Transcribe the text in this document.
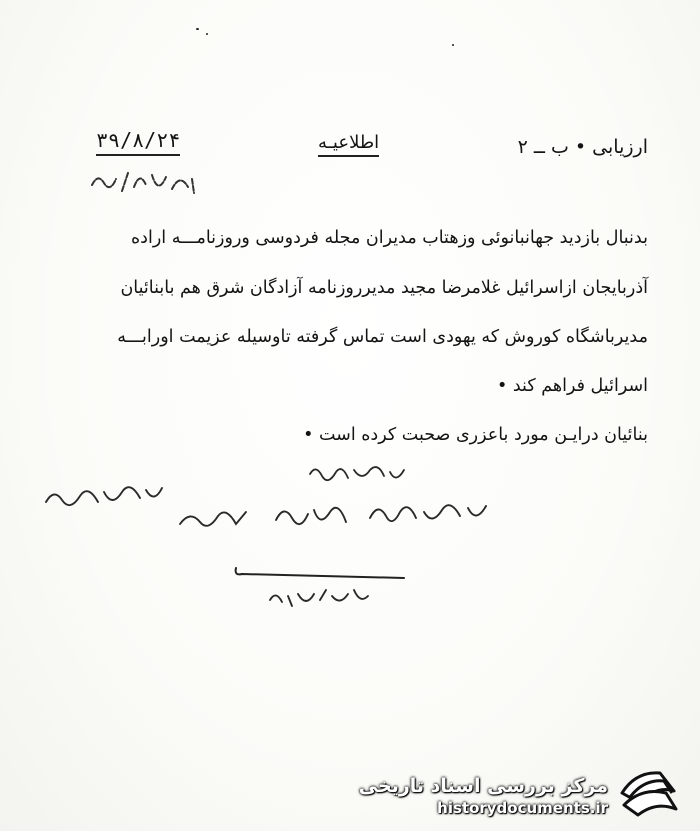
ارزیابی • ب ــ ۲
اطلاعیـه
۳۹/۸/۲۴
بدنبال بازدید جهانبانوئی وزهتاب مدیران مجله فردوسی وروزنامـــه اراده
آذربایجان ازاسرائیل غلامرضا مجید مدیرروزنامه آزادگان شرق هم بابنائیان
مدیرباشگاه کوروش که یهودی است تماس گرفته تاوسیله عزیمت اورابـــه
اسرائیل فراهم کند •
بنائیان درایـن مورد باعزری صحبت کرده است •
مرکز بررسی اسناد تاریخی
historydocuments.ir
